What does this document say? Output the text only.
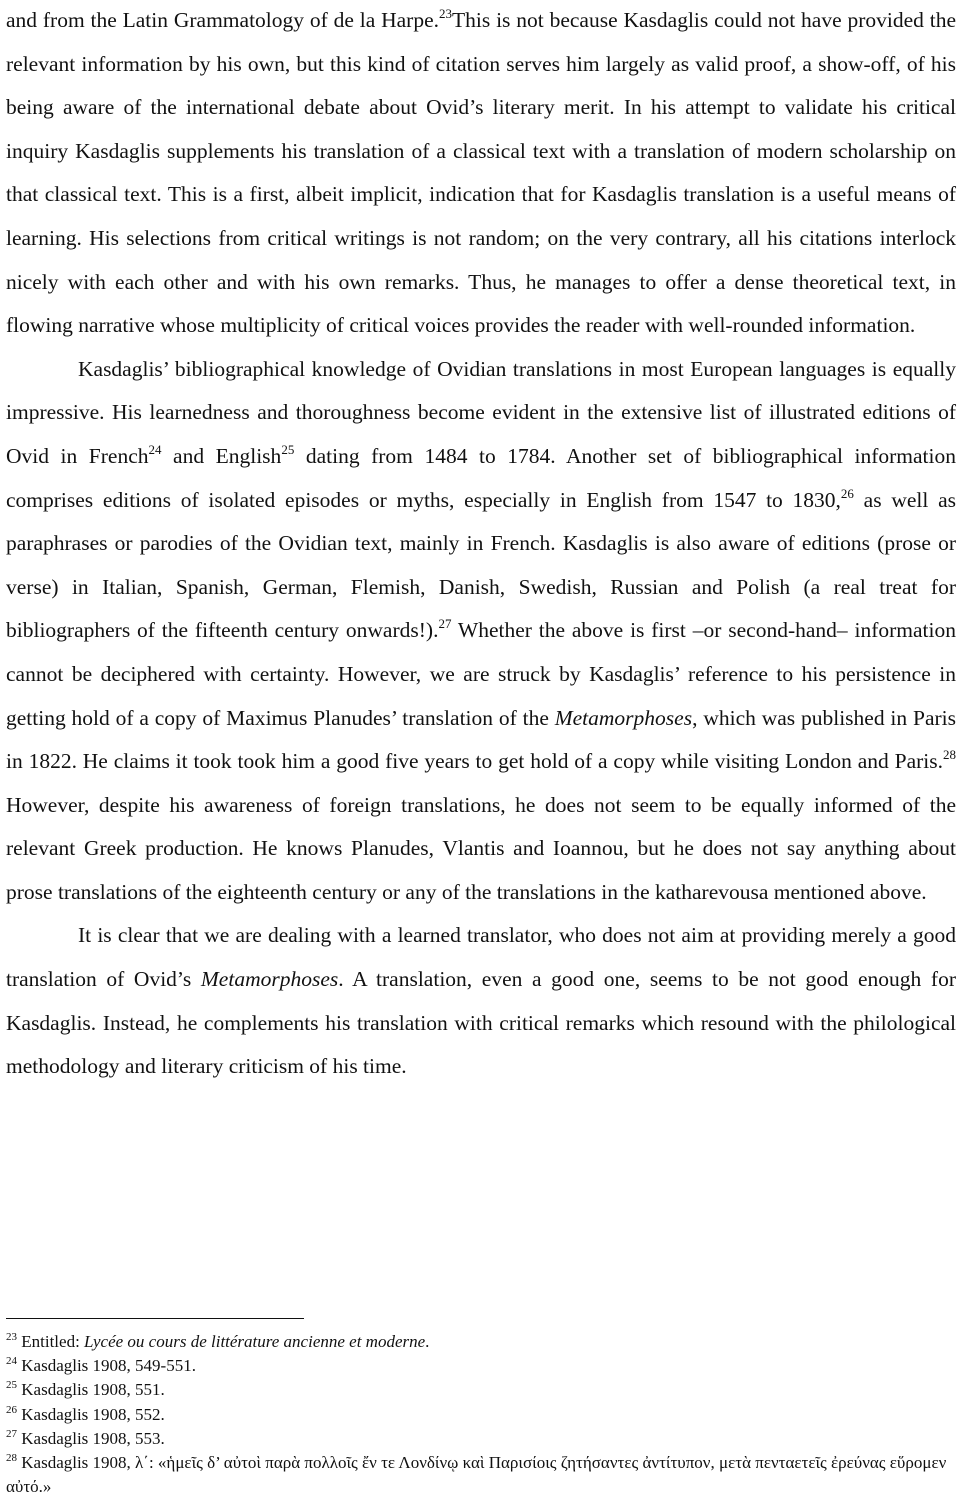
and from the Latin Grammatology of de la Harpe.$^{23}$This is not because Kasdaglis could not have provided the relevant information by his own, but this kind of citation serves him largely as valid proof, a show-off, of his being aware of the international debate about Ovid’s literary merit. In his attempt to validate his critical inquiry Kasdaglis supplements his translation of a classical text with a translation of modern scholarship on that classical text. This is a first, albeit implicit, indication that for Kasdaglis translation is a useful means of learning. His selections from critical writings is not random; on the very contrary, all his citations interlock nicely with each other and with his own remarks. Thus, he manages to offer a dense theoretical text, in flowing narrative whose multiplicity of critical voices provides the reader with well-rounded information.

Kasdaglis’ bibliographical knowledge of Ovidian translations in most European languages is equally impressive. His learnedness and thoroughness become evident in the extensive list of illustrated editions of Ovid in French$^{24}$ and English$^{25}$ dating from 1484 to 1784. Another set of bibliographical information comprises editions of isolated episodes or myths, especially in English from 1547 to 1830,26 as well as paraphrases or parodies of the Ovidian text, mainly in French. Kasdaglis is also aware of editions (prose or verse) in Italian, Spanish, German, Flemish, Danish, Swedish, Russian and Polish (a real treat for bibliographers of the fifteenth century onwards!).$^{27}$ Whether the above is first –or second-hand– information cannot be deciphered with certainty. However, we are struck by Kasdaglis’ reference to his persistence in getting hold of a copy of Maximus Planudes’ translation of the Metamorphoses, which was published in Paris in 1822. He claims it took took him a good five years to get hold of a copy while visiting London and Paris.$^{28}$ However, despite his awareness of foreign translations, he does not seem to be equally informed of the relevant Greek production. He knows Planudes, Vlantis and Ioannou, but he does not say anything about prose translations of the eighteenth century or any of the translations in the katharevousa mentioned above.

It is clear that we are dealing with a learned translator, who does not aim at providing merely a good translation of Ovid’s Metamorphoses. A translation, even a good one, seems to be not good enough for Kasdaglis. Instead, he complements his translation with critical remarks which resound with the philological methodology and literary criticism of his time.

$^{23}$ Entitled: Lycée ou cours de littérature ancienne et moderne.

$^{24}$ Kasdaglis 1908, 549-551.

$^{25}$ Kasdaglis 1908, 551.

$^{26}$ Kasdaglis 1908, 552.

$^{27}$ Kasdaglis 1908, 553.

$^{28}$ Kasdaglis 1908, λ΄: «ἡμεῖς δ’ αὐτοὶ παρὰ πολλοῖς ἔν τε Λονδίνῳ καὶ Παρισίοις ζητήσαντες ἀντίτυπον, μετὰ πενταετεῖς ἐρεύνας εὕρομεν αὐτό.»
